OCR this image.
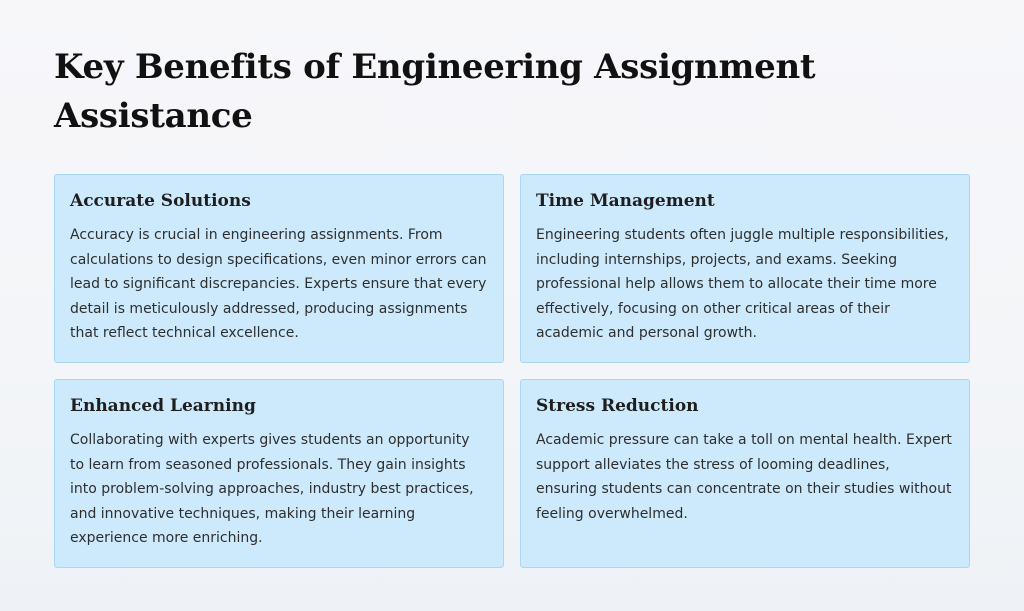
Key Benefits of Engineering Assignment Assistance
Accurate Solutions

Accuracy is crucial in engineering assignments. From calculations to design specifications, even minor errors can lead to significant discrepancies. Experts ensure that every detail is meticulously addressed, producing assignments that reflect technical excellence.

Time Management

Engineering students often juggle multiple responsibilities, including internships, projects, and exams. Seeking professional help allows them to allocate their time more effectively, focusing on other critical areas of their academic and personal growth.

Enhanced Learning

Collaborating with experts gives students an opportunity to learn from seasoned professionals. They gain insights into problem-solving approaches, industry best practices, and innovative techniques, making their learning experience more enriching.

Stress Reduction

Academic pressure can take a toll on mental health. Expert support alleviates the stress of looming deadlines, ensuring students can concentrate on their studies without feeling overwhelmed.
